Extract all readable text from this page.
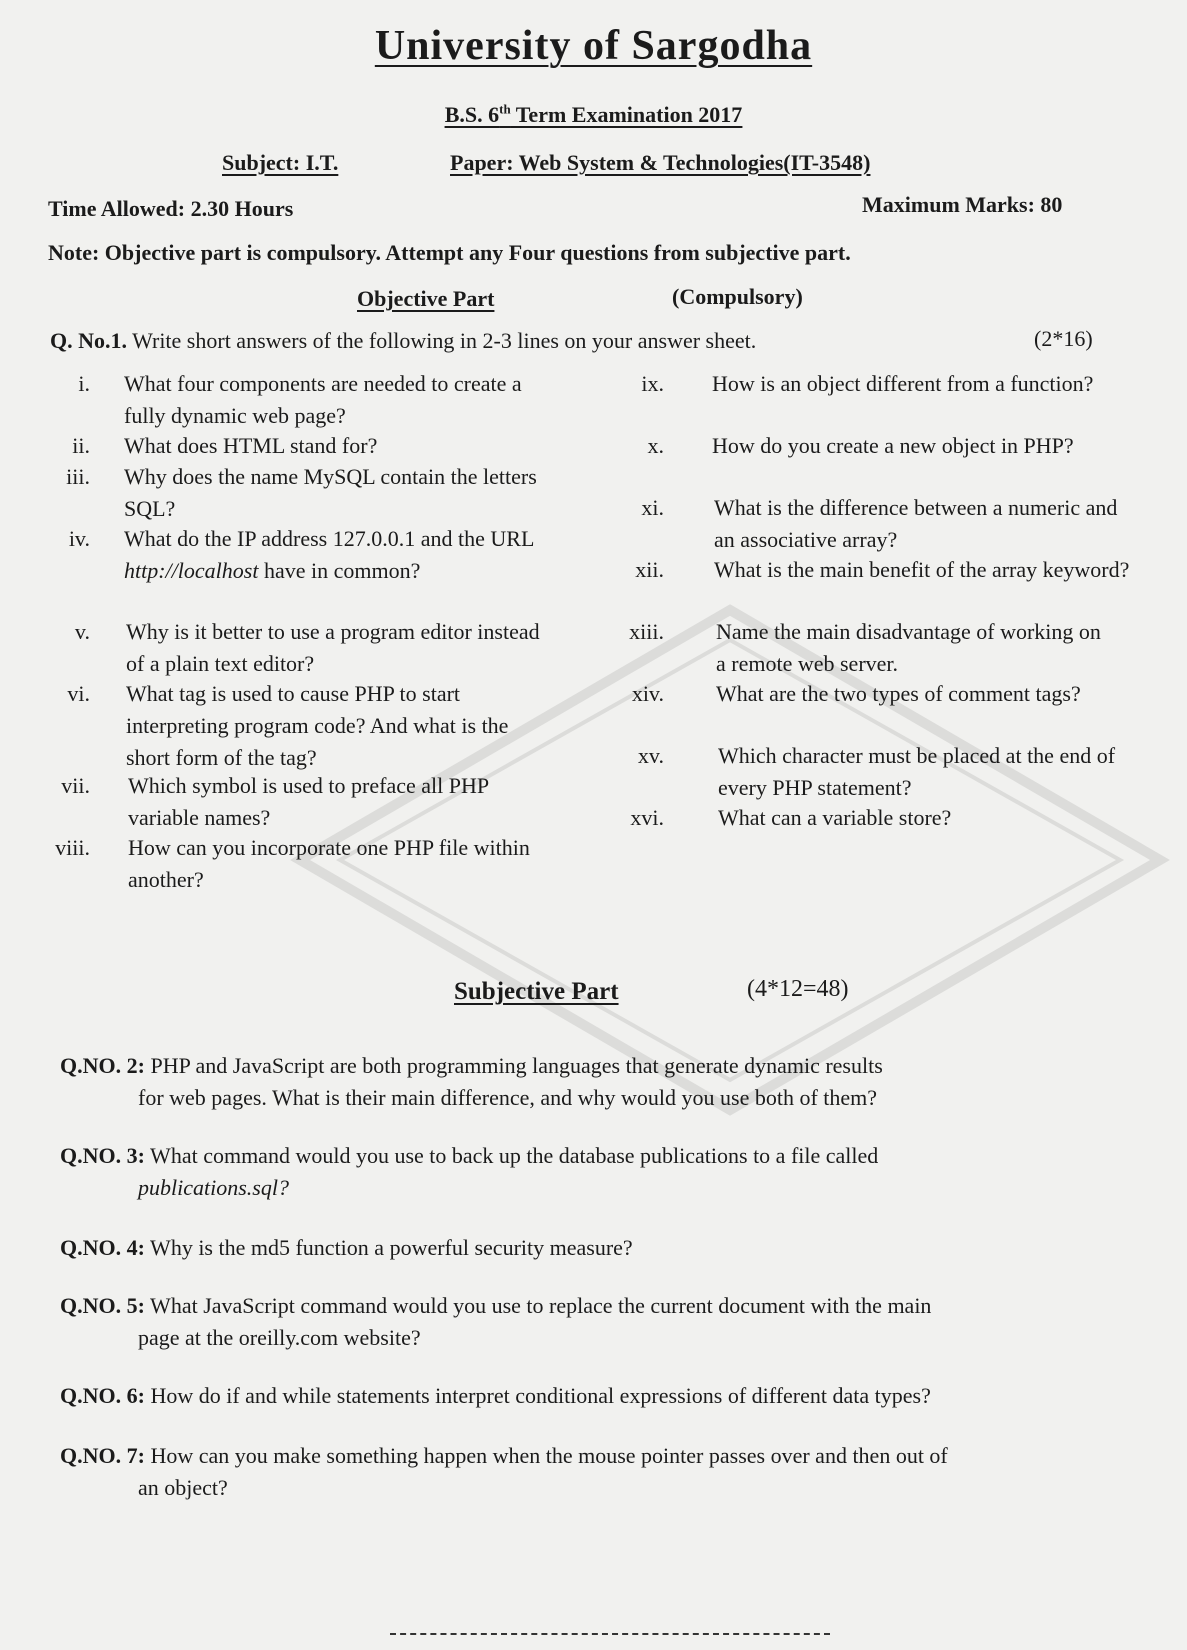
University of Sargodha
B.S. 6th Term Examination 2017
Subject: I.T.	Paper: Web System & Technologies(IT-3548)
Time Allowed: 2.30 Hours	Maximum Marks: 80
Note: Objective part is compulsory. Attempt any Four questions from subjective part.
Objective Part	(Compulsory)
Q. No.1. Write short answers of the following in 2-3 lines on your answer sheet.	(2*16)
i. What four components are needed to create a fully dynamic web page?
ii. What does HTML stand for?
iii. Why does the name MySQL contain the letters SQL?
iv. What do the IP address 127.0.0.1 and the URL http://localhost have in common?
v. Why is it better to use a program editor instead of a plain text editor?
vi. What tag is used to cause PHP to start interpreting program code? And what is the short form of the tag?
vii. Which symbol is used to preface all PHP variable names?
viii. How can you incorporate one PHP file within another?
ix. How is an object different from a function?
x. How do you create a new object in PHP?
xi. What is the difference between a numeric and an associative array?
xii. What is the main benefit of the array keyword?
xiii. Name the main disadvantage of working on a remote web server.
xiv. What are the two types of comment tags?
xv. Which character must be placed at the end of every PHP statement?
xvi. What can a variable store?
Subjective Part	(4*12=48)
Q.NO. 2: PHP and JavaScript are both programming languages that generate dynamic results
for web pages. What is their main difference, and why would you use both of them?
Q.NO. 3: What command would you use to back up the database publications to a file called
publications.sql?
Q.NO. 4: Why is the md5 function a powerful security measure?
Q.NO. 5: What JavaScript command would you use to replace the current document with the main
page at the oreilly.com website?
Q.NO. 6: How do if and while statements interpret conditional expressions of different data types?
Q.NO. 7: How can you make something happen when the mouse pointer passes over and then out of
an object?
